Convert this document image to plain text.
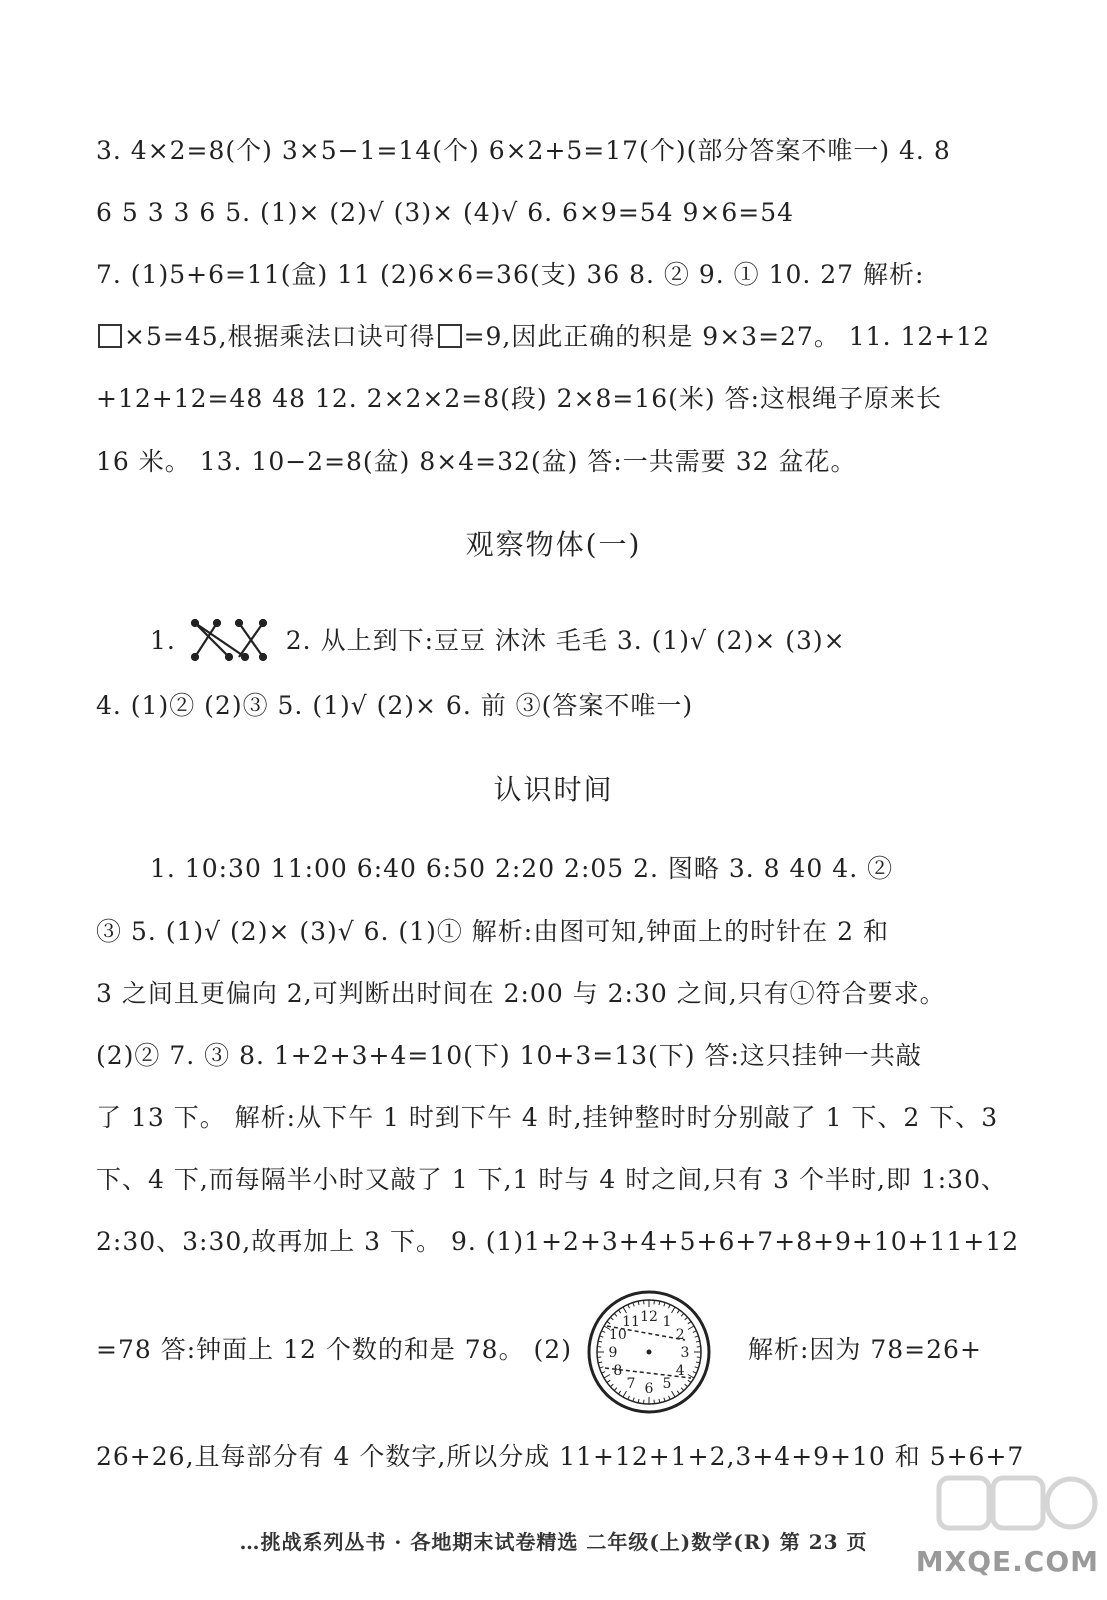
3. 4×2=8(个) 3×5−1=14(个) 6×2+5=17(个)(部分答案不唯一) 4. 8
6 5 3 3 6 5. (1)× (2)√ (3)× (4)√ 6. 6×9=54 9×6=54
7. (1)5+6=11(盒) 11 (2)6×6=36(支) 36 8. ② 9. ① 10. 27 解析:
×5=45,根据乘法口诀可得 =9,因此正确的积是 9×3=27。 11. 12+12
+12+12=48 48 12. 2×2×2=8(段) 2×8=16(米) 答:这根绳子原来长
16 米。 13. 10−2=8(盆) 8×4=32(盆) 答:一共需要 32 盆花。
观察物体(一)
1.	2. 从上到下:豆豆 沐沐 毛毛 3. (1)√ (2)× (3)×
4. (1)② (2)③ 5. (1)√ (2)× 6. 前 ③(答案不唯一)
认识时间
1. 10:30 11:00 6:40 6:50 2:20 2:05 2. 图略 3. 8 40 4. ②
③ 5. (1)√ (2)× (3)√ 6. (1)① 解析:由图可知,钟面上的时针在 2 和
3 之间且更偏向 2,可判断出时间在 2:00 与 2:30 之间,只有①符合要求。
(2)② 7. ③ 8. 1+2+3+4=10(下) 10+3=13(下) 答:这只挂钟一共敲
了 13 下。 解析:从下午 1 时到下午 4 时,挂钟整时时分别敲了 1 下、2 下、3
下、4 下,而每隔半小时又敲了 1 下,1 时与 4 时之间,只有 3 个半时,即 1:30、
2:30、3:30,故再加上 3 下。 9. (1)1+2+3+4+5+6+7+8+9+10+11+12
=78 答:钟面上 12 个数的和是 78。 (2)	解析:因为 78=26+
12 1
2
3
4
5
6
7
8
9
10
11
26+26,且每部分有 4 个数字,所以分成 11+12+1+2,3+4+9+10 和 5+6+7
…挑战系列丛书 · 各地期末试卷精选 二年级(上)数学(R) 第 23 页
MXQE.COM
